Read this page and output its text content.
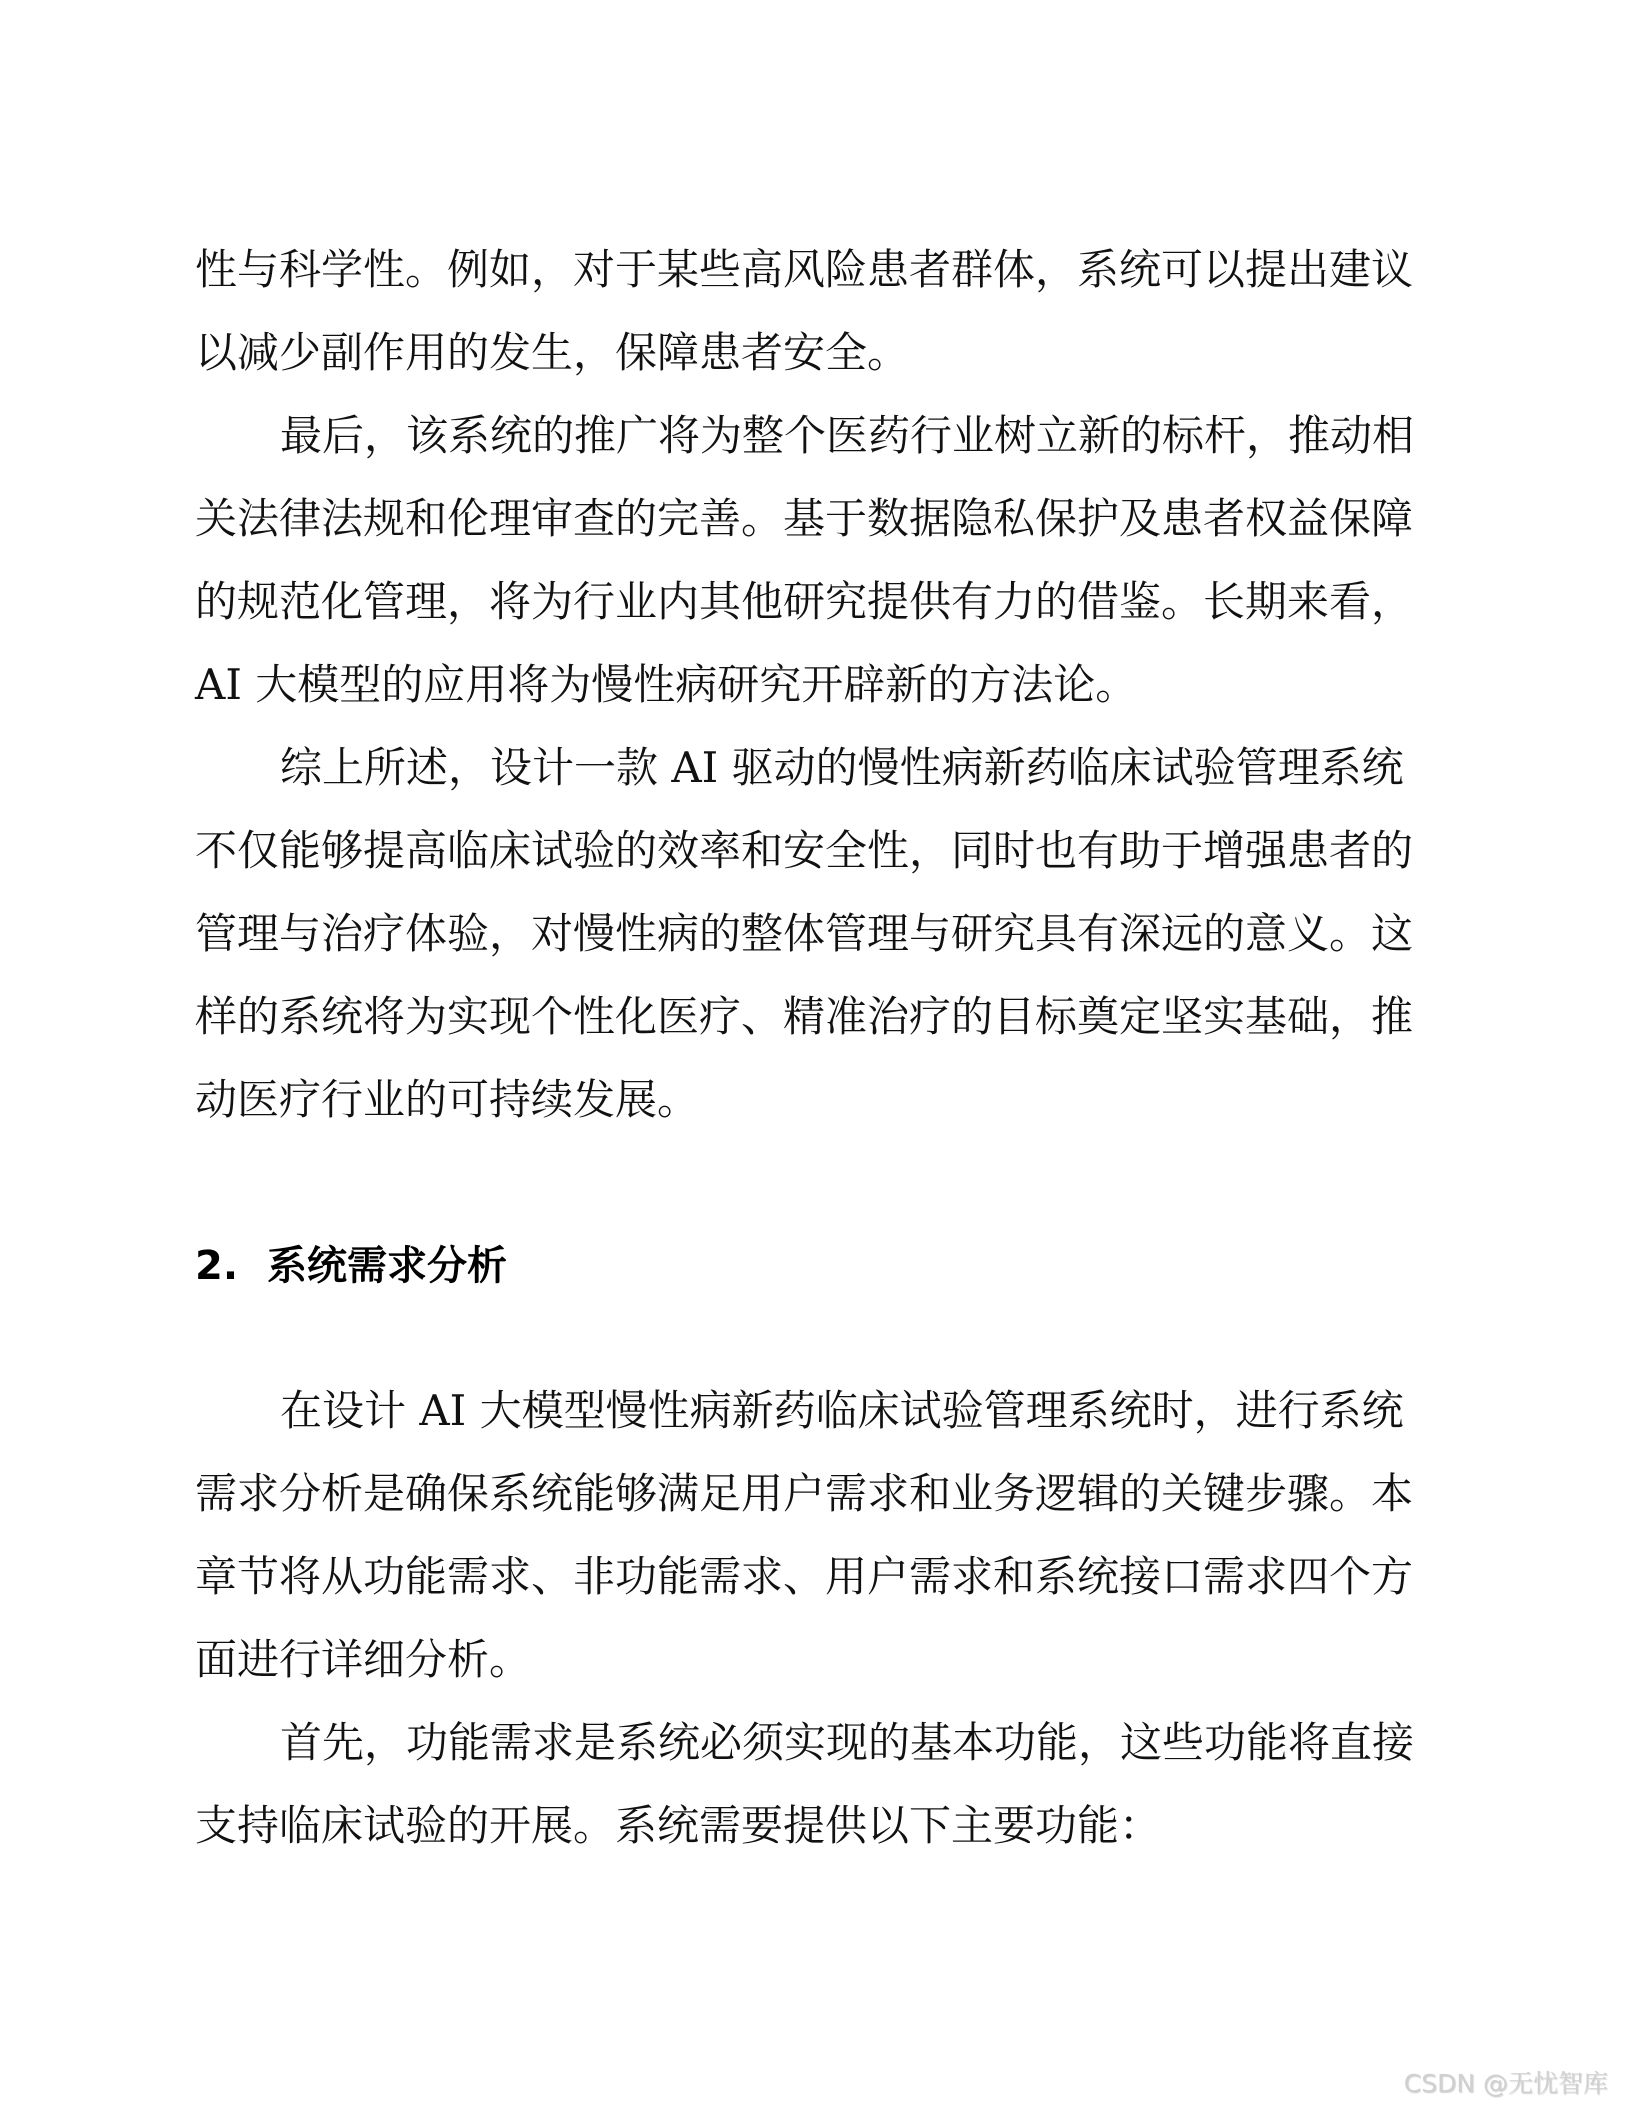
性与科学性。例如，对于某些高风险患者群体，系统可以提出建议
以减少副作用的发生，保障患者安全。
最后，该系统的推广将为整个医药行业树立新的标杆，推动相
关法律法规和伦理审查的完善。基于数据隐私保护及患者权益保障
的规范化管理，将为行业内其他研究提供有力的借鉴。长期来看，
AI 大模型的应用将为慢性病研究开辟新的方法论。
综上所述，设计一款 AI 驱动的慢性病新药临床试验管理系统
不仅能够提高临床试验的效率和安全性，同时也有助于增强患者的
管理与治疗体验，对慢性病的整体管理与研究具有深远的意义。这
样的系统将为实现个性化医疗、精准治疗的目标奠定坚实基础，推
动医疗行业的可持续发展。
2. 系统需求分析
在设计 AI 大模型慢性病新药临床试验管理系统时，进行系统
需求分析是确保系统能够满足用户需求和业务逻辑的关键步骤。本
章节将从功能需求、非功能需求、用户需求和系统接口需求四个方
面进行详细分析。
首先，功能需求是系统必须实现的基本功能，这些功能将直接
支持临床试验的开展。系统需要提供以下主要功能：
CSDN @无忧智库
